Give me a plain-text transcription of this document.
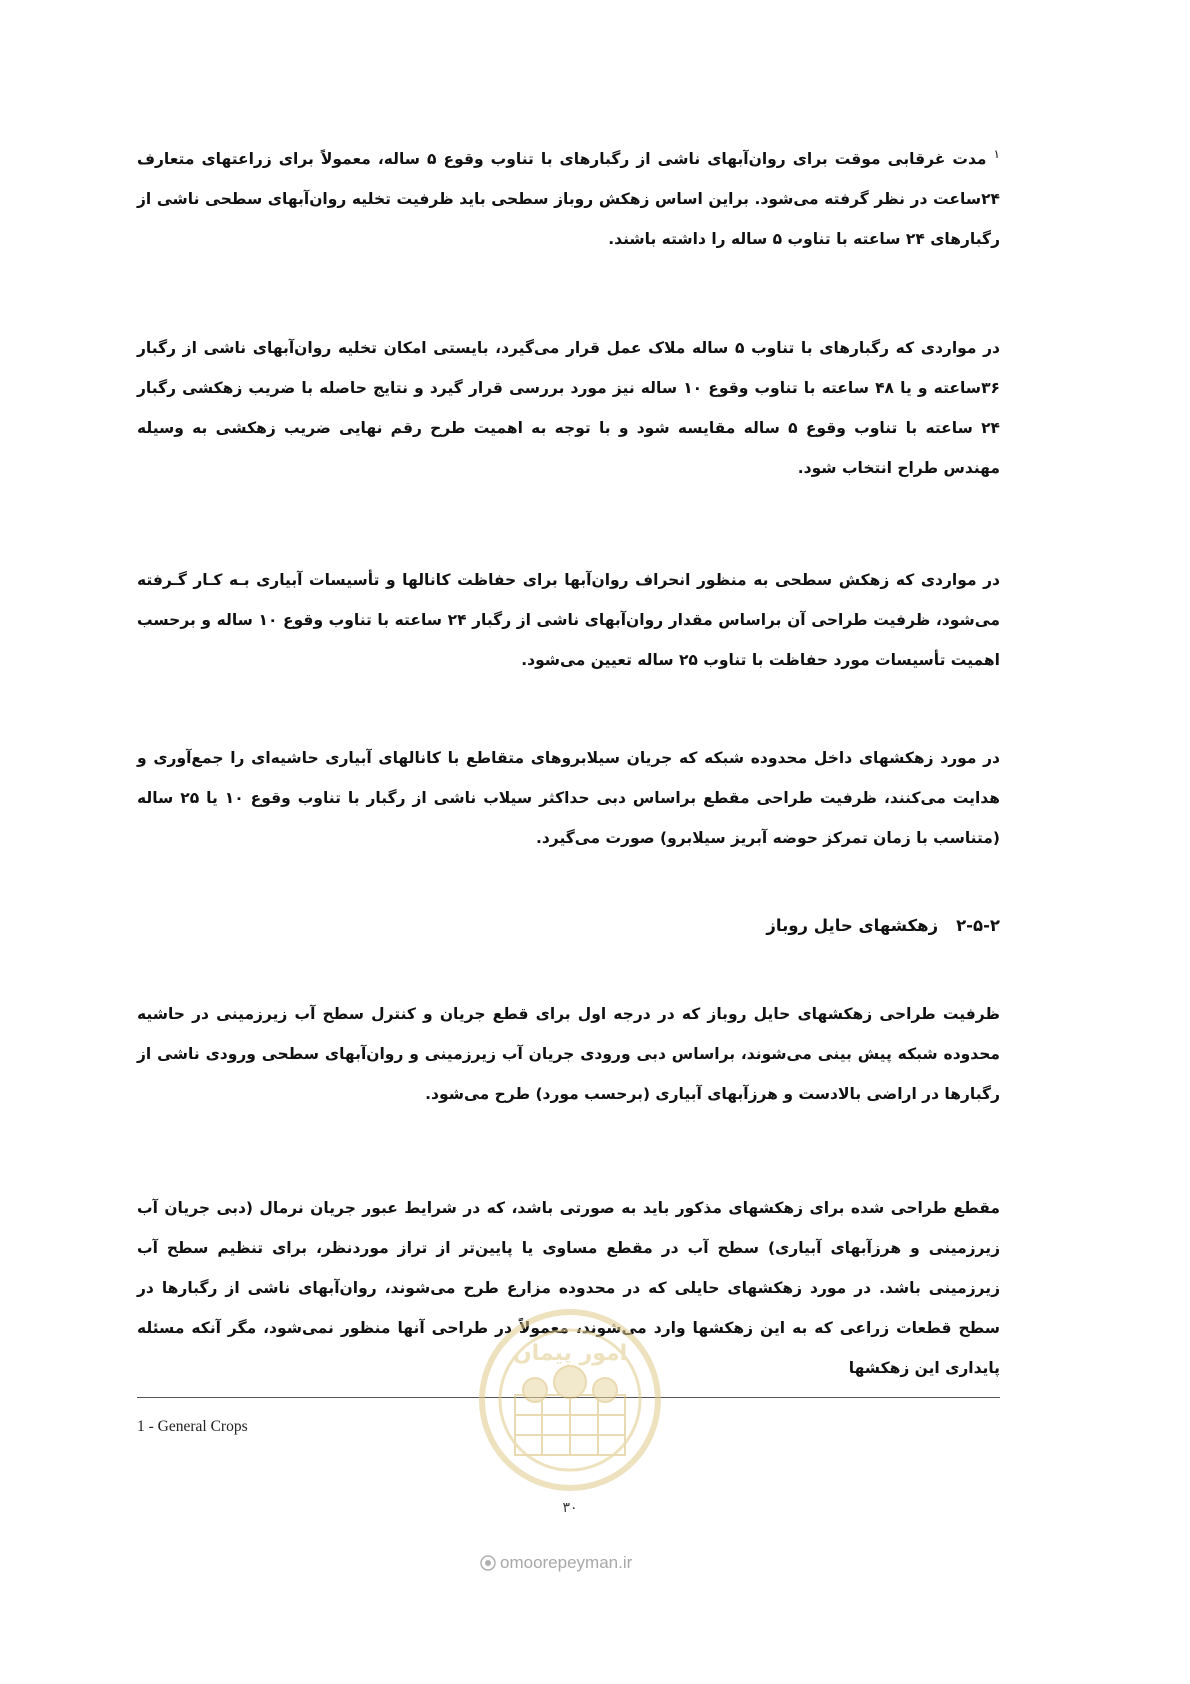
$^۱$ مدت غرقابی موقت برای روان‌آبهای ناشی از رگبارهای با تناوب وقوع ۵ ساله، معمولاً برای زراعتهای متعارف ۲۴ساعت در نظر گرفته می‌شود. براین اساس زهکش روباز سطحی باید ظرفیت تخلیه روان‌آبهای سطحی ناشی از رگبارهای ۲۴ ساعته با تناوب ۵ ساله را داشته باشند.

در مواردی که رگبارهای با تناوب ۵ ساله ملاک عمل قرار می‌گیرد، بایستی امکان تخلیه روان‌آبهای ناشی از رگبار ۳۶ساعته و یا ۴۸ ساعته با تناوب وقوع ۱۰ ساله نیز مورد بررسی قرار گیرد و نتایج حاصله با ضریب زهکشی رگبار ۲۴ ساعته با تناوب وقوع ۵ ساله مقایسه شود و با توجه به اهمیت طرح رقم نهایی ضریب زهکشی به وسیله مهندس طراح انتخاب شود.

در مواردی که زهکش سطحی به منظور انحراف روان‌آبها برای حفاظت کانالها و تأسیسات آبیاری بـه کـار گـرفته می‌شود، ظرفیت طراحی آن براساس مقدار روان‌آبهای ناشی از رگبار ۲۴ ساعته با تناوب وقوع ۱۰ ساله و برحسب اهمیت تأسیسات مورد حفاظت با تناوب ۲۵ ساله تعیین می‌شود.

در مورد زهکشهای داخل محدوده شبکه که جریان سیلابروهای متقاطع با کانالهای آبیاری حاشیه‌ای را جمع‌آوری و هدایت می‌کنند، ظرفیت طراحی مقطع براساس دبی حداکثر سیلاب ناشی از رگبار با تناوب وقوع ۱۰ یا ۲۵ ساله (متناسب با زمان تمرکز حوضه آبریز سیلابرو) صورت می‌گیرد.

۲-۵-۲زهکشهای حایل روباز

ظرفیت طراحی زهکشهای حایل روباز که در درجه اول برای قطع جریان و کنترل سطح آب زیرزمینی در حاشیه محدوده شبکه پیش بینی می‌شوند، براساس دبی ورودی جریان آب زیرزمینی و روان‌آبهای سطحی ورودی ناشی از رگبارها در اراضی بالادست و هرزآبهای آبیاری (برحسب مورد) طرح می‌شود.

مقطع طراحی شده برای زهکشهای مذکور باید به صورتی باشد، که در شرایط عبور جریان نرمال (دبی جریان آب زیرزمینی و هرزآبهای آبیاری) سطح آب در مقطع مساوی یا پایین‌تر از تراز موردنظر، برای تنظیم سطح آب زیرزمینی باشد. در مورد زهکشهای حایلی که در محدوده مزارع طرح می‌شوند، روان‌آبهای ناشی از رگبارها در سطح قطعات زراعی که به این زهکشها وارد می‌شوند، معمولاً در طراحی آنها منظور نمی‌شود، مگر آنکه مسئله پایداری این زهکشها

1 - General Crops
امور پیمان
۳۰
omoorepeyman.ir
